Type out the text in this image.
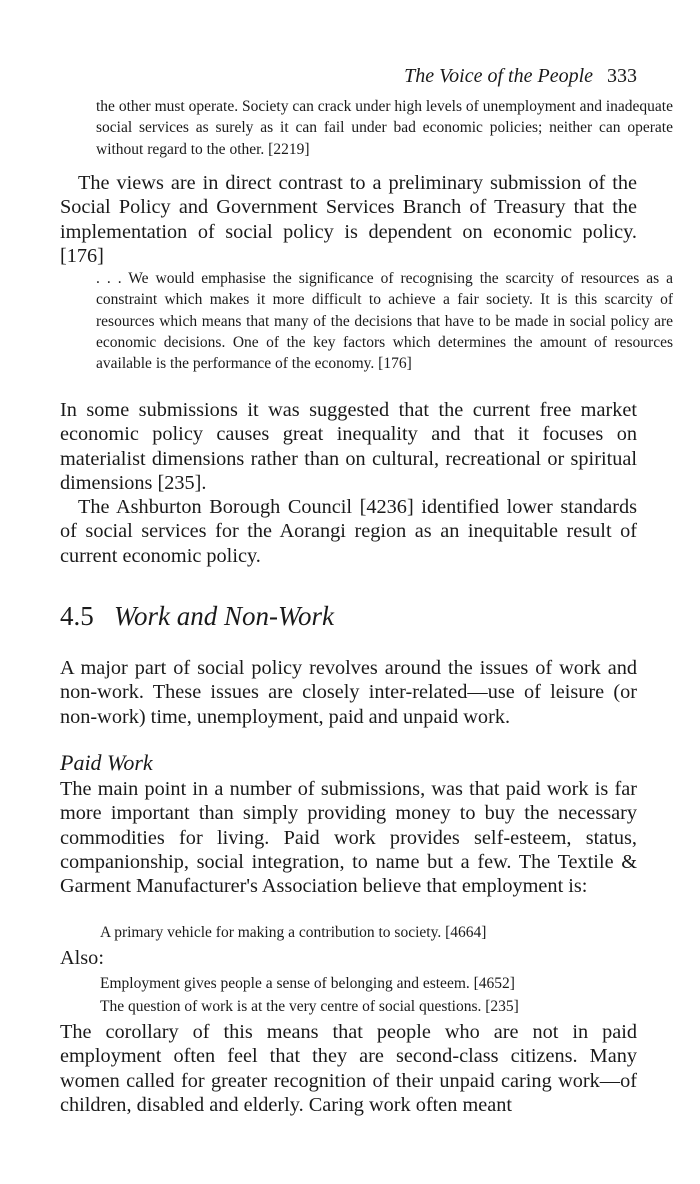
The Voice of the People 333

the other must operate. Society can crack under high levels of unemployment and inadequate social services as surely as it can fail under bad economic policies; neither can operate without regard to the other. [2219]

The views are in direct contrast to a preliminary submission of the Social Policy and Government Services Branch of Treasury that the implementation of social policy is dependent on economic policy. [176]

. . . We would emphasise the significance of recognising the scarcity of resources as a constraint which makes it more difficult to achieve a fair society. It is this scarcity of resources which means that many of the decisions that have to be made in social policy are economic decisions. One of the key factors which determines the amount of resources available is the performance of the economy. [176]

In some submissions it was suggested that the current free market economic policy causes great inequality and that it focuses on materialist dimensions rather than on cultural, recreational or spiritual dimensions [235].

The Ashburton Borough Council [4236] identified lower standards of social services for the Aorangi region as an inequitable result of current economic policy.

4.5 Work and Non-Work

A major part of social policy revolves around the issues of work and non-work. These issues are closely inter-related—use of leisure (or non-work) time, unemployment, paid and unpaid work.

Paid Work

The main point in a number of submissions, was that paid work is far more important than simply providing money to buy the necessary commodities for living. Paid work provides self-esteem, status, companionship, social integration, to name but a few. The Textile & Garment Manufacturer's Association believe that employment is:

A primary vehicle for making a contribution to society. [4664]

Also:

Employment gives people a sense of belonging and esteem. [4652]

The question of work is at the very centre of social questions. [235]

The corollary of this means that people who are not in paid employment often feel that they are second-class citizens. Many women called for greater recognition of their unpaid caring work—of children, disabled and elderly. Caring work often meant
